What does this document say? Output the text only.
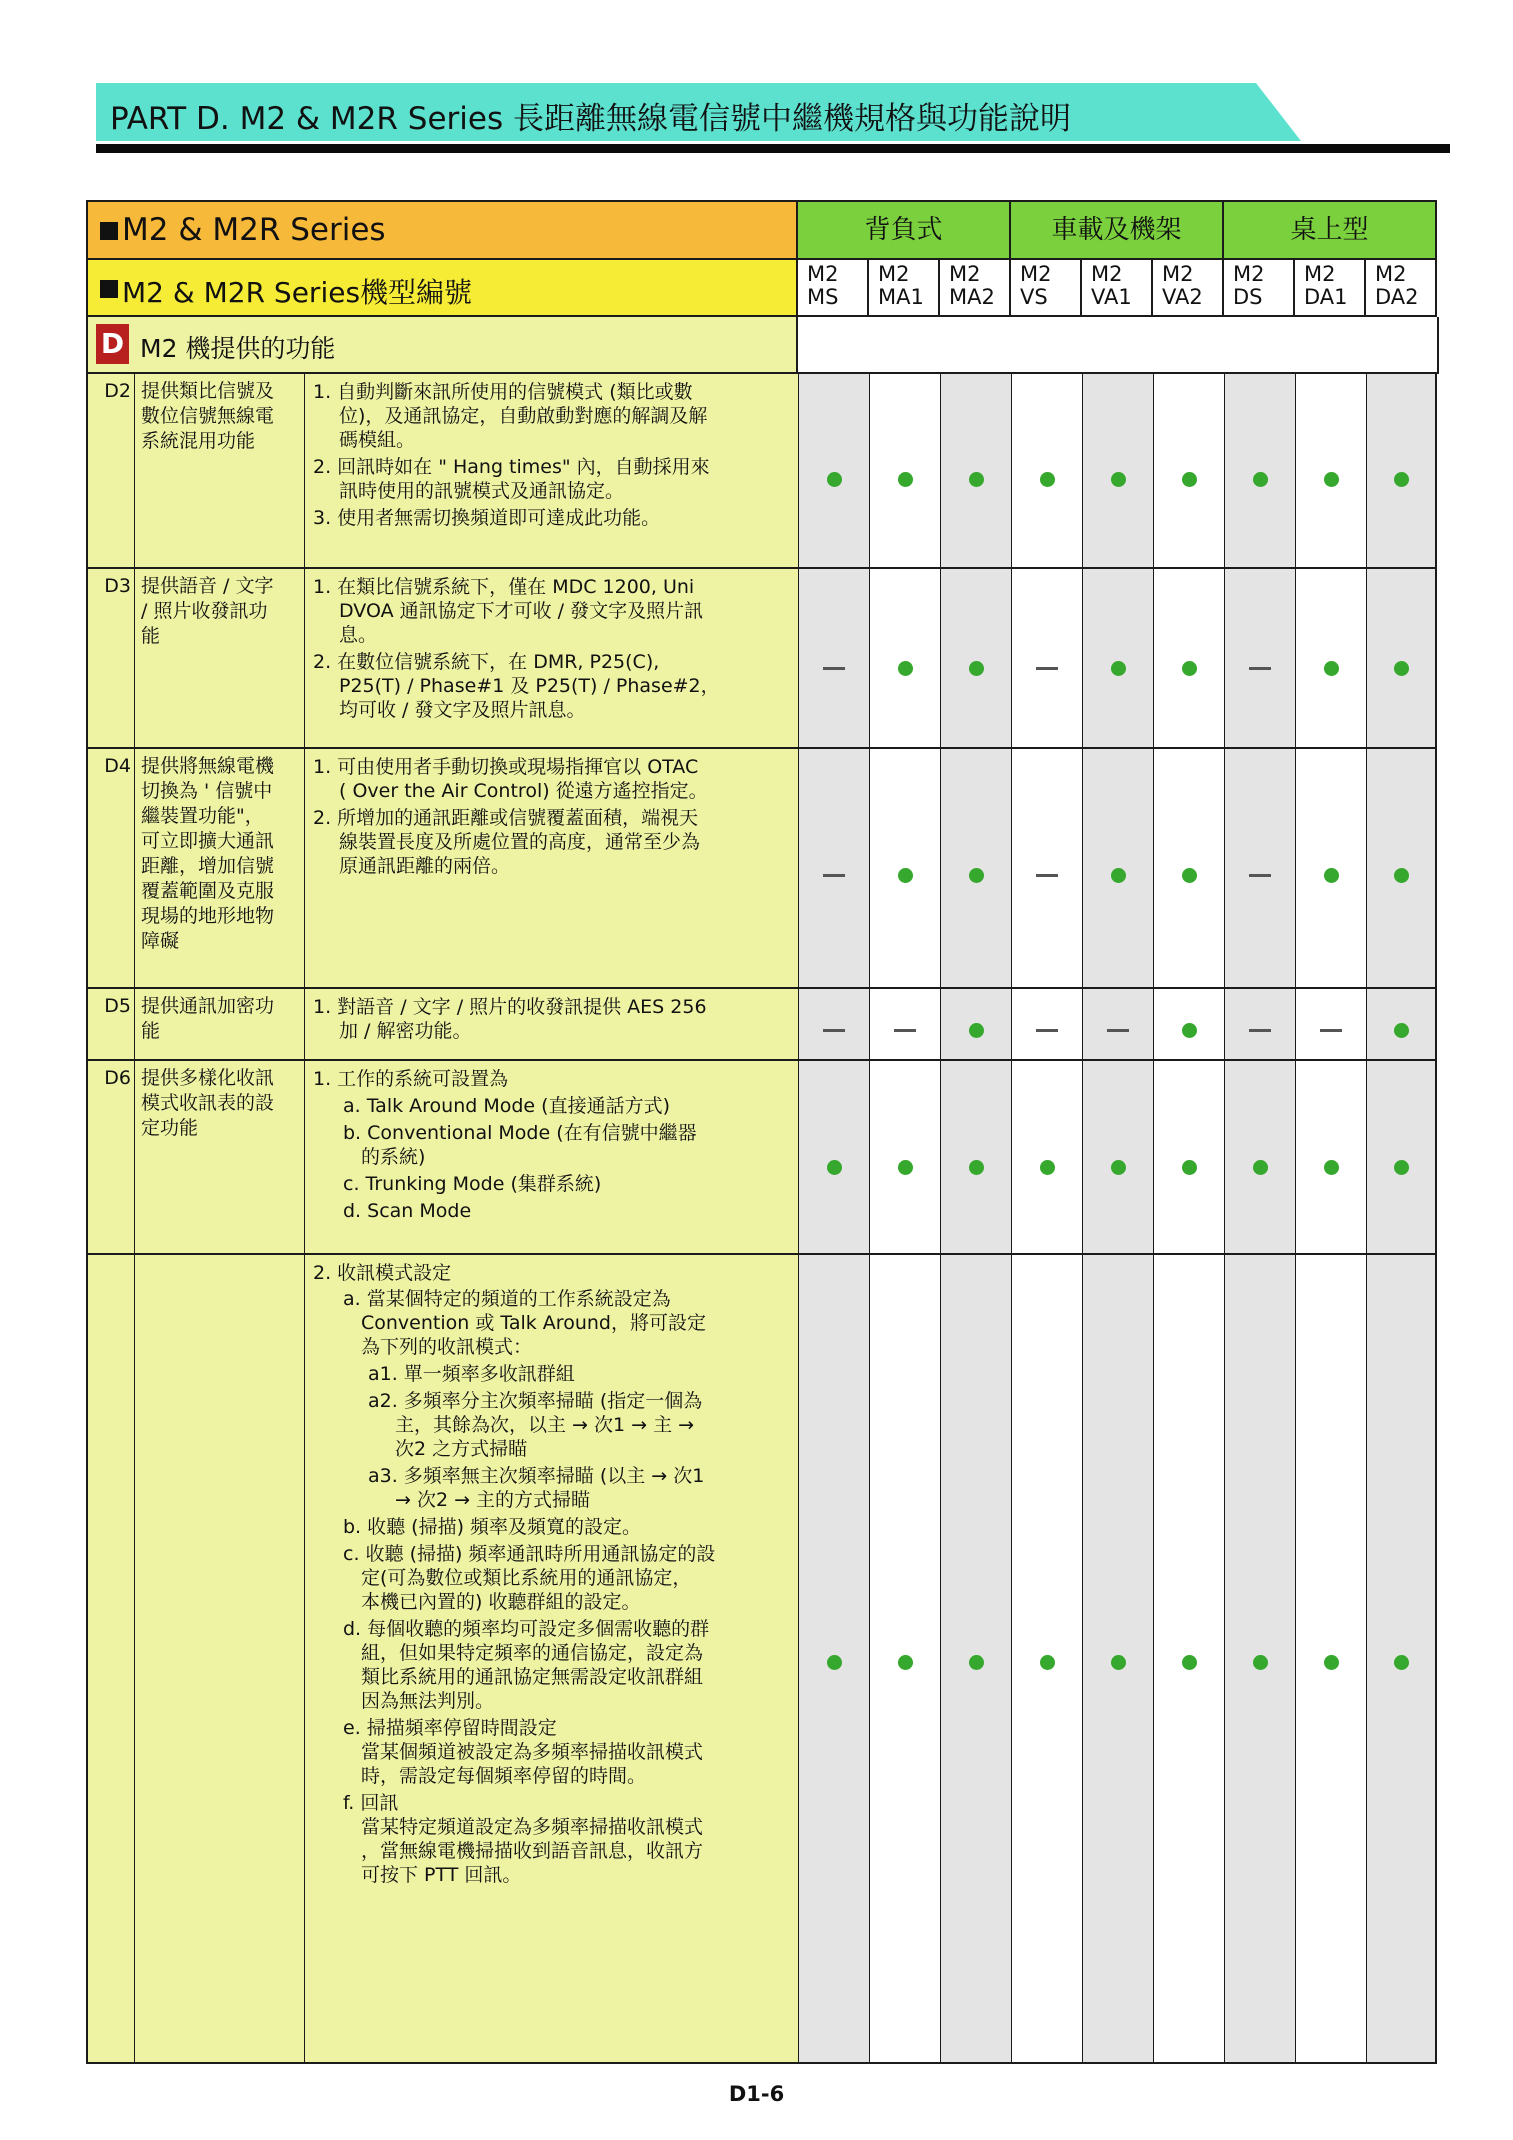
PART D. M2 & M2R Series 長距離無線電信號中繼機規格與功能說明
M2 & M2R Series
M2 & M2R Series機型編號
D M2 機提供的功能
背負式	車載及機架	桌上型
M2
MS
M2
MA1
M2
MA2
M2
VS
M2
VA1
M2
VA2
M2
DS
M2
DA1
M2
DA2
D2 提供類比信號及
數位信號無線電
系統混用功能
1. 自動判斷來訊所使用的信號模式 (類比或數
位)，及通訊協定，自動啟動對應的解調及解
碼模組。
2. 回訊時如在 " Hang times" 內，自動採用來
訊時使用的訊號模式及通訊協定。
3. 使用者無需切換頻道即可達成此功能。
D3 提供語音 / 文字
/ 照片收發訊功
能
1. 在類比信號系統下，僅在 MDC 1200, Uni
DVOA 通訊協定下才可收 / 發文字及照片訊
息。
2. 在數位信號系統下，在 DMR, P25(C),
P25(T) / Phase#1 及 P25(T) / Phase#2，
均可收 / 發文字及照片訊息。
D4 提供將無線電機
切換為 ' 信號中
繼裝置功能"，
可立即擴大通訊
距離，增加信號
覆蓋範圍及克服
現場的地形地物
障礙
1. 可由使用者手動切換或現場指揮官以 OTAC
( Over the Air Control) 從遠方遙控指定。
2. 所增加的通訊距離或信號覆蓋面積，端視天
線裝置長度及所處位置的高度，通常至少為
原通訊距離的兩倍。
D5 提供通訊加密功
能
1. 對語音 / 文字 / 照片的收發訊提供 AES 256
加 / 解密功能。
D6 提供多樣化收訊
模式收訊表的設
定功能
1. 工作的系統可設置為
a. Talk Around Mode (直接通話方式)
b. Conventional Mode (在有信號中繼器
的系統)
c. Trunking Mode (集群系統)
d. Scan Mode
2. 收訊模式設定
a. 當某個特定的頻道的工作系統設定為
Convention 或 Talk Around，將可設定
為下列的收訊模式：
a1. 單一頻率多收訊群組
a2. 多頻率分主次頻率掃瞄 (指定一個為
主，其餘為次，以主 → 次1 → 主 →
次2 之方式掃瞄
a3. 多頻率無主次頻率掃瞄 (以主 → 次1
→ 次2 → 主的方式掃瞄
b. 收聽 (掃描) 頻率及頻寬的設定。
c. 收聽 (掃描) 頻率通訊時所用通訊協定的設
定(可為數位或類比系統用的通訊協定，
本機已內置的) 收聽群組的設定。
d. 每個收聽的頻率均可設定多個需收聽的群
組，但如果特定頻率的通信協定，設定為
類比系統用的通訊協定無需設定收訊群組
因為無法判別。
e. 掃描頻率停留時間設定
當某個頻道被設定為多頻率掃描收訊模式
時，需設定每個頻率停留的時間。
f. 回訊
當某特定頻道設定為多頻率掃描收訊模式
，當無線電機掃描收到語音訊息，收訊方
可按下 PTT 回訊。
D1-6
